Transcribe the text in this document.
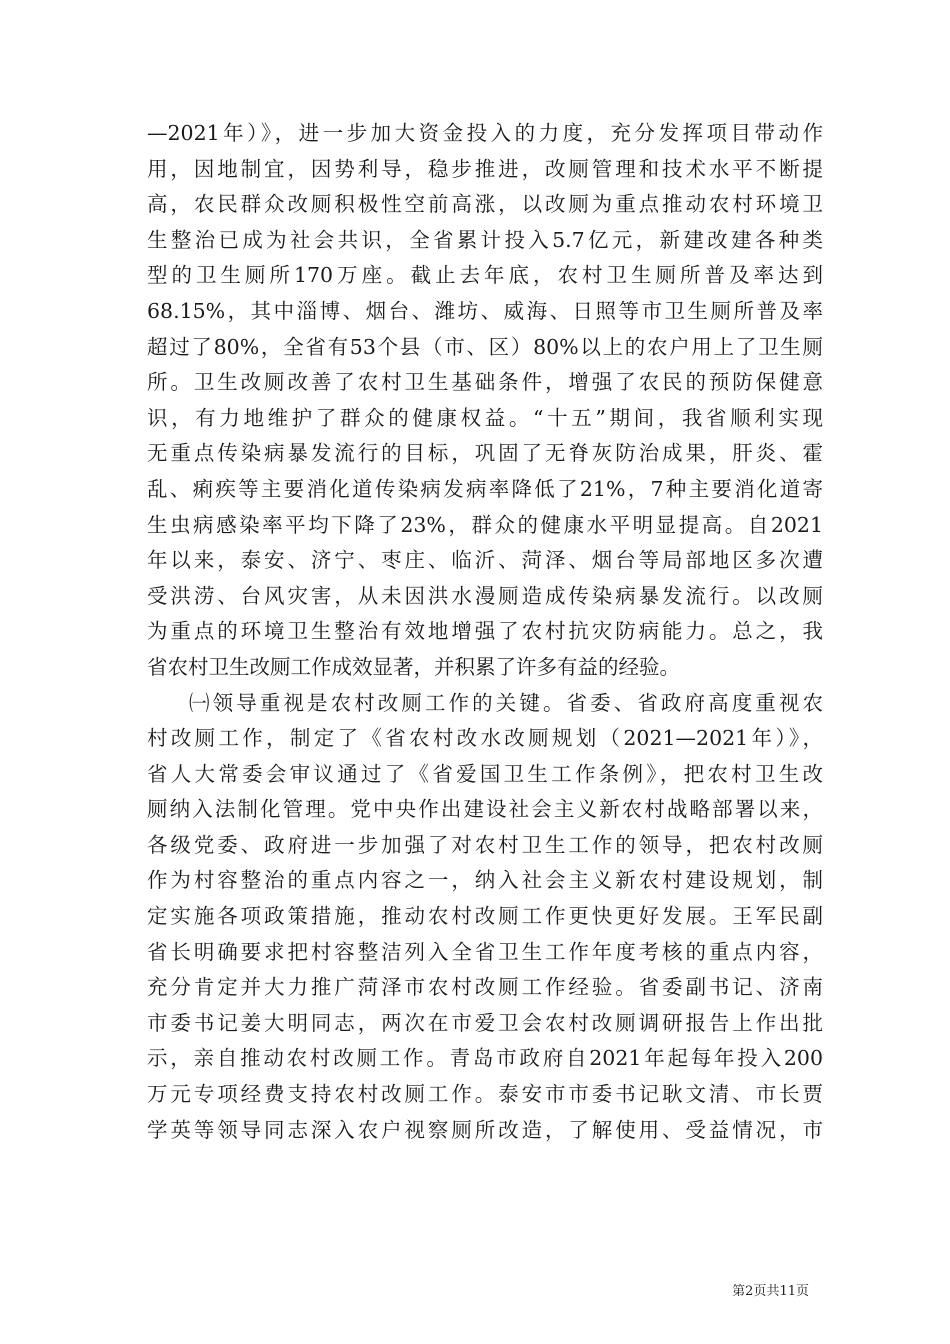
—2021年）》，进一步加大资金投入的力度，充分发挥项目带动作
用，因地制宜，因势利导，稳步推进，改厕管理和技术水平不断提
高，农民群众改厕积极性空前高涨，以改厕为重点推动农村环境卫
生整治已成为社会共识，全省累计投入5.7亿元，新建改建各种类
型的卫生厕所170万座。截止去年底，农村卫生厕所普及率达到
68.15%，其中淄博、烟台、潍坊、威海、日照等市卫生厕所普及率
超过了80%，全省有53个县（市、区）80%以上的农户用上了卫生厕
所。卫生改厕改善了农村卫生基础条件，增强了农民的预防保健意
识，有力地维护了群众的健康权益。“十五”期间，我省顺利实现
无重点传染病暴发流行的目标，巩固了无脊灰防治成果，肝炎、霍
乱、痢疾等主要消化道传染病发病率降低了21%，7种主要消化道寄
生虫病感染率平均下降了23%，群众的健康水平明显提高。自2021
年以来，泰安、济宁、枣庄、临沂、菏泽、烟台等局部地区多次遭
受洪涝、台风灾害，从未因洪水漫厕造成传染病暴发流行。以改厕
为重点的环境卫生整治有效地增强了农村抗灾防病能力。总之，我
省农村卫生改厕工作成效显著，并积累了许多有益的经验。
㈠领导重视是农村改厕工作的关键。省委、省政府高度重视农
村改厕工作，制定了《省农村改水改厕规划（2021—2021年）》，
省人大常委会审议通过了《省爱国卫生工作条例》，把农村卫生改
厕纳入法制化管理。党中央作出建设社会主义新农村战略部署以来，
各级党委、政府进一步加强了对农村卫生工作的领导，把农村改厕
作为村容整治的重点内容之一，纳入社会主义新农村建设规划，制
定实施各项政策措施，推动农村改厕工作更快更好发展。王军民副
省长明确要求把村容整洁列入全省卫生工作年度考核的重点内容，
充分肯定并大力推广菏泽市农村改厕工作经验。省委副书记、济南
市委书记姜大明同志，两次在市爱卫会农村改厕调研报告上作出批
示，亲自推动农村改厕工作。青岛市政府自2021年起每年投入200
万元专项经费支持农村改厕工作。泰安市市委书记耿文清、市长贾
学英等领导同志深入农户视察厕所改造，了解使用、受益情况，市
第2页共11页
